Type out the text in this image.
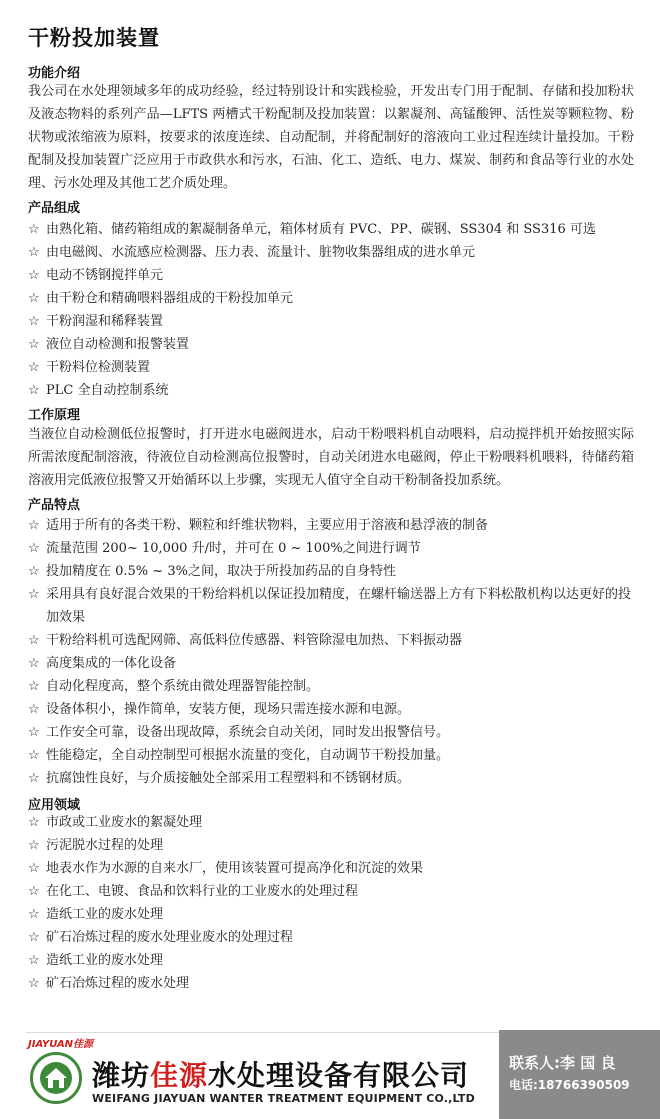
干粉投加装置
功能介绍
我公司在水处理领域多年的成功经验，经过特别设计和实践检验，开发出专门用于配制、存储和投加粉状及液态物料的系列产品—LFTS 两槽式干粉配制及投加装置：以絮凝剂、高锰酸钾、活性炭等颗粒物、粉状物或浓缩液为原料，按要求的浓度连续、自动配制，并将配制好的溶液向工业过程连续计量投加。干粉配制及投加装置广泛应用于市政供水和污水，石油、化工、造纸、电力、煤炭、制药和食品等行业的水处理、污水处理及其他工艺介质处理。
产品组成
☆ 由熟化箱、储药箱组成的絮凝制备单元，箱体材质有 PVC、PP、碳钢、SS304 和 SS316 可选
☆ 由电磁阀、水流感应检测器、压力表、流量计、脏物收集器组成的进水单元
☆ 电动不锈钢搅拌单元
☆ 由干粉仓和精确喂料器组成的干粉投加单元
☆ 干粉润湿和稀释装置
☆ 液位自动检测和报警装置
☆ 干粉料位检测装置
☆ PLC 全自动控制系统
工作原理
当液位自动检测低位报警时，打开进水电磁阀进水，启动干粉喂料机自动喂料，启动搅拌机开始按照实际所需浓度配制溶液，待液位自动检测高位报警时，自动关闭进水电磁阀，停止干粉喂料机喂料，待储药箱溶液用完低液位报警又开始循环以上步骤，实现无人值守全自动干粉制备投加系统。
产品特点
☆ 适用于所有的各类干粉、颗粒和纤维状物料，主要应用于溶液和悬浮液的制备
☆ 流量范围 200~ 10,000 升/时，并可在 0 ~ 100%之间进行调节
☆ 投加精度在 0.5% ~ 3%之间，取决于所投加药品的自身特性
☆ 采用具有良好混合效果的干粉给料机以保证投加精度，在螺杆输送器上方有下料松散机构以达更好的投加效果
☆ 干粉给料机可选配网筛、高低料位传感器、料管除湿电加热、下料振动器
☆ 高度集成的一体化设备
☆ 自动化程度高，整个系统由微处理器智能控制。
☆ 设备体积小，操作简单，安装方便，现场只需连接水源和电源。
☆ 工作安全可靠，设备出现故障，系统会自动关闭，同时发出报警信号。
☆ 性能稳定，全自动控制型可根据水流量的变化，自动调节干粉投加量。
☆ 抗腐蚀性良好，与介质接触处全部采用工程塑料和不锈钢材质。
应用领域
☆ 市政或工业废水的絮凝处理
☆ 污泥脱水过程的处理
☆ 地表水作为水源的自来水厂，使用该装置可提高净化和沉淀的效果
☆ 在化工、电镀、食品和饮料行业的工业废水的处理过程
☆ 造纸工业的废水处理
☆ 矿石冶炼过程的废水处理业废水的处理过程
☆ 造纸工业的废水处理
☆ 矿石冶炼过程的废水处理
JIAYUAN佳源
潍坊佳源水处理设备有限公司
WEIFANG JIAYUAN WANTER TREATMENT EQUIPMENT CO.,LTD
联系人:李 国 良
电话:18766390509
